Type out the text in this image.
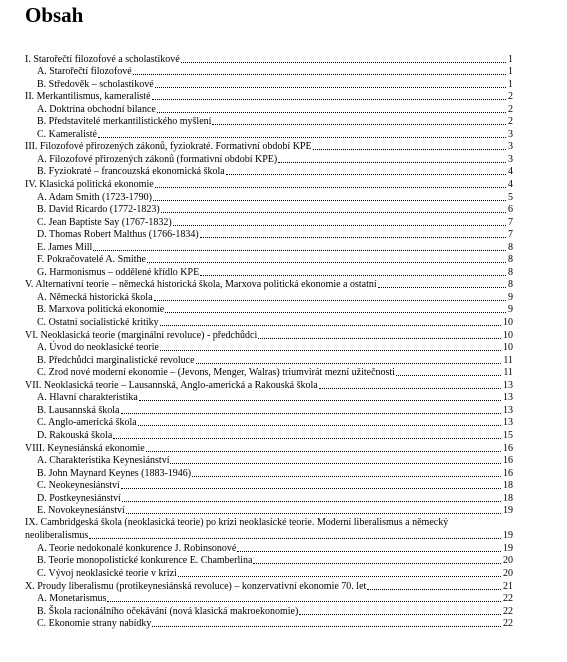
Obsah
I. Starořečtí filozofové a scholastikové	1
A. Starořečtí filozofové	1
B. Středověk – scholastikové	1
II. Merkantilismus, kameralisté	2
A. Doktrína obchodní bilance	2
B. Představitelé merkantilistického myšlení	2
C. Kameralisté	3
III. Filozofové přirozených zákonů, fyziokraté. Formativní období KPE	3
A. Filozofové přirozených zákonů (formativní období KPE)	3
B. Fyziokraté – francouzská ekonomická škola	4
IV. Klasická politická ekonomie	4
A. Adam Smith (1723-1790)	5
B. David Ricardo (1772-1823)	6
C. Jean Baptiste Say (1767-1832)	7
D. Thomas Robert Malthus (1766-1834)	7
E. James Mill	8
F. Pokračovatelé A. Smithe	8
G. Harmonismus – oddělené křídlo KPE	8
V. Alternativní teorie – německá historická škola, Marxova politická ekonomie a ostatní	8
A. Německá historická škola	9
B. Marxova politická ekonomie	9
C. Ostatní socialistické kritiky	10
VI. Neoklasická teorie (marginální revoluce) - předchůdci	10
A. Úvod do neoklasické teorie	10
B. Předchůdci marginalistické revoluce	11
C. Zrod nové moderní ekonomie – (Jevons, Menger, Walras) triumvirát mezní užitečnosti	11
VII. Neoklasická teorie – Lausannská, Anglo-americká a Rakouská škola	13
A. Hlavní charakteristika	13
B. Lausannská škola	13
C. Anglo-americká škola	13
D. Rakouská škola	15
VIII. Keynesiánská ekonomie	16
A. Charakteristika Keynesiánství	16
B. John Maynard Keynes (1883-1946)	16
C. Neokeynesiánství	18
D. Postkeynesiánství	18
E. Novokeynesiánství	19
IX. Cambridgeská škola (neoklasická teorie) po krizi neoklasické teorie. Moderní liberalismus a německý
neoliberalismus	19
A. Teorie nedokonalé konkurence J. Robinsonové	19
B. Teorie monopolistické konkurence E. Chamberlina	20
C. Vývoj neoklasické teorie v krizi	20
X. Proudy liberalismu (protikeynesiánská revoluce) – konzervativní ekonomie 70. let	21
A. Monetarismus	22
B. Škola racionálního očekávání (nová klasická makroekonomie)	22
C. Ekonomie strany nabídky	22
